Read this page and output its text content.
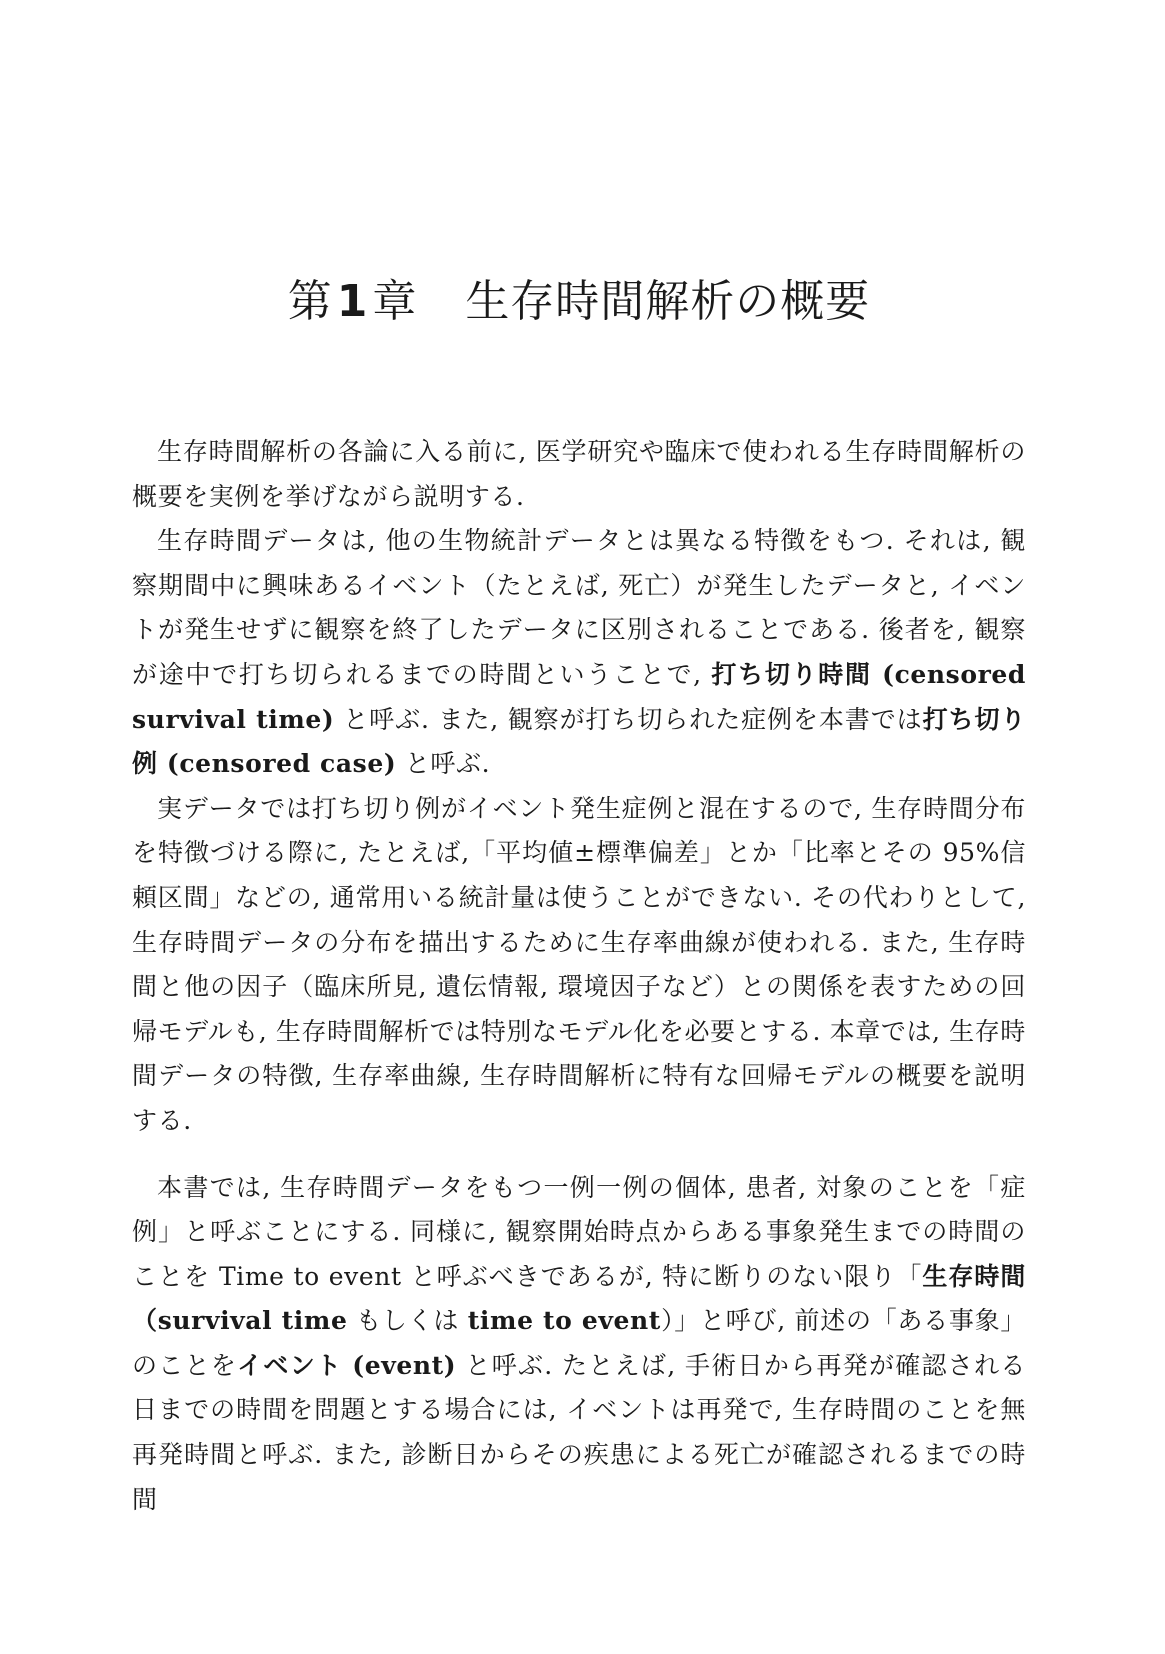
第1章 生存時間解析の概要

生存時間解析の各論に入る前に, 医学研究や臨床で使われる生存時間解析の概要を実例を挙げながら説明する.

生存時間データは, 他の生物統計データとは異なる特徴をもつ. それは, 観察期間中に興味あるイベント（たとえば, 死亡）が発生したデータと, イベントが発生せずに観察を終了したデータに区別されることである. 後者を, 観察が途中で打ち切られるまでの時間ということで, 打ち切り時間 (censored survival time) と呼ぶ. また, 観察が打ち切られた症例を本書では打ち切り例 (censored case) と呼ぶ.

実データでは打ち切り例がイベント発生症例と混在するので, 生存時間分布を特徴づける際に, たとえば,「平均値±標準偏差」とか「比率とその 95%信頼区間」などの, 通常用いる統計量は使うことができない. その代わりとして, 生存時間データの分布を描出するために生存率曲線が使われる. また, 生存時間と他の因子（臨床所見, 遺伝情報, 環境因子など）との関係を表すための回帰モデルも, 生存時間解析では特別なモデル化を必要とする. 本章では, 生存時間データの特徴, 生存率曲線, 生存時間解析に特有な回帰モデルの概要を説明する.

本書では, 生存時間データをもつ一例一例の個体, 患者, 対象のことを「症例」と呼ぶことにする. 同様に, 観察開始時点からある事象発生までの時間のことを Time to event と呼ぶべきであるが, 特に断りのない限り「生存時間（survival time もしくは time to event）」と呼び, 前述の「ある事象」のことをイベント (event) と呼ぶ. たとえば, 手術日から再発が確認される日までの時間を問題とする場合には, イベントは再発で, 生存時間のことを無再発時間と呼ぶ. また, 診断日からその疾患による死亡が確認されるまでの時間
